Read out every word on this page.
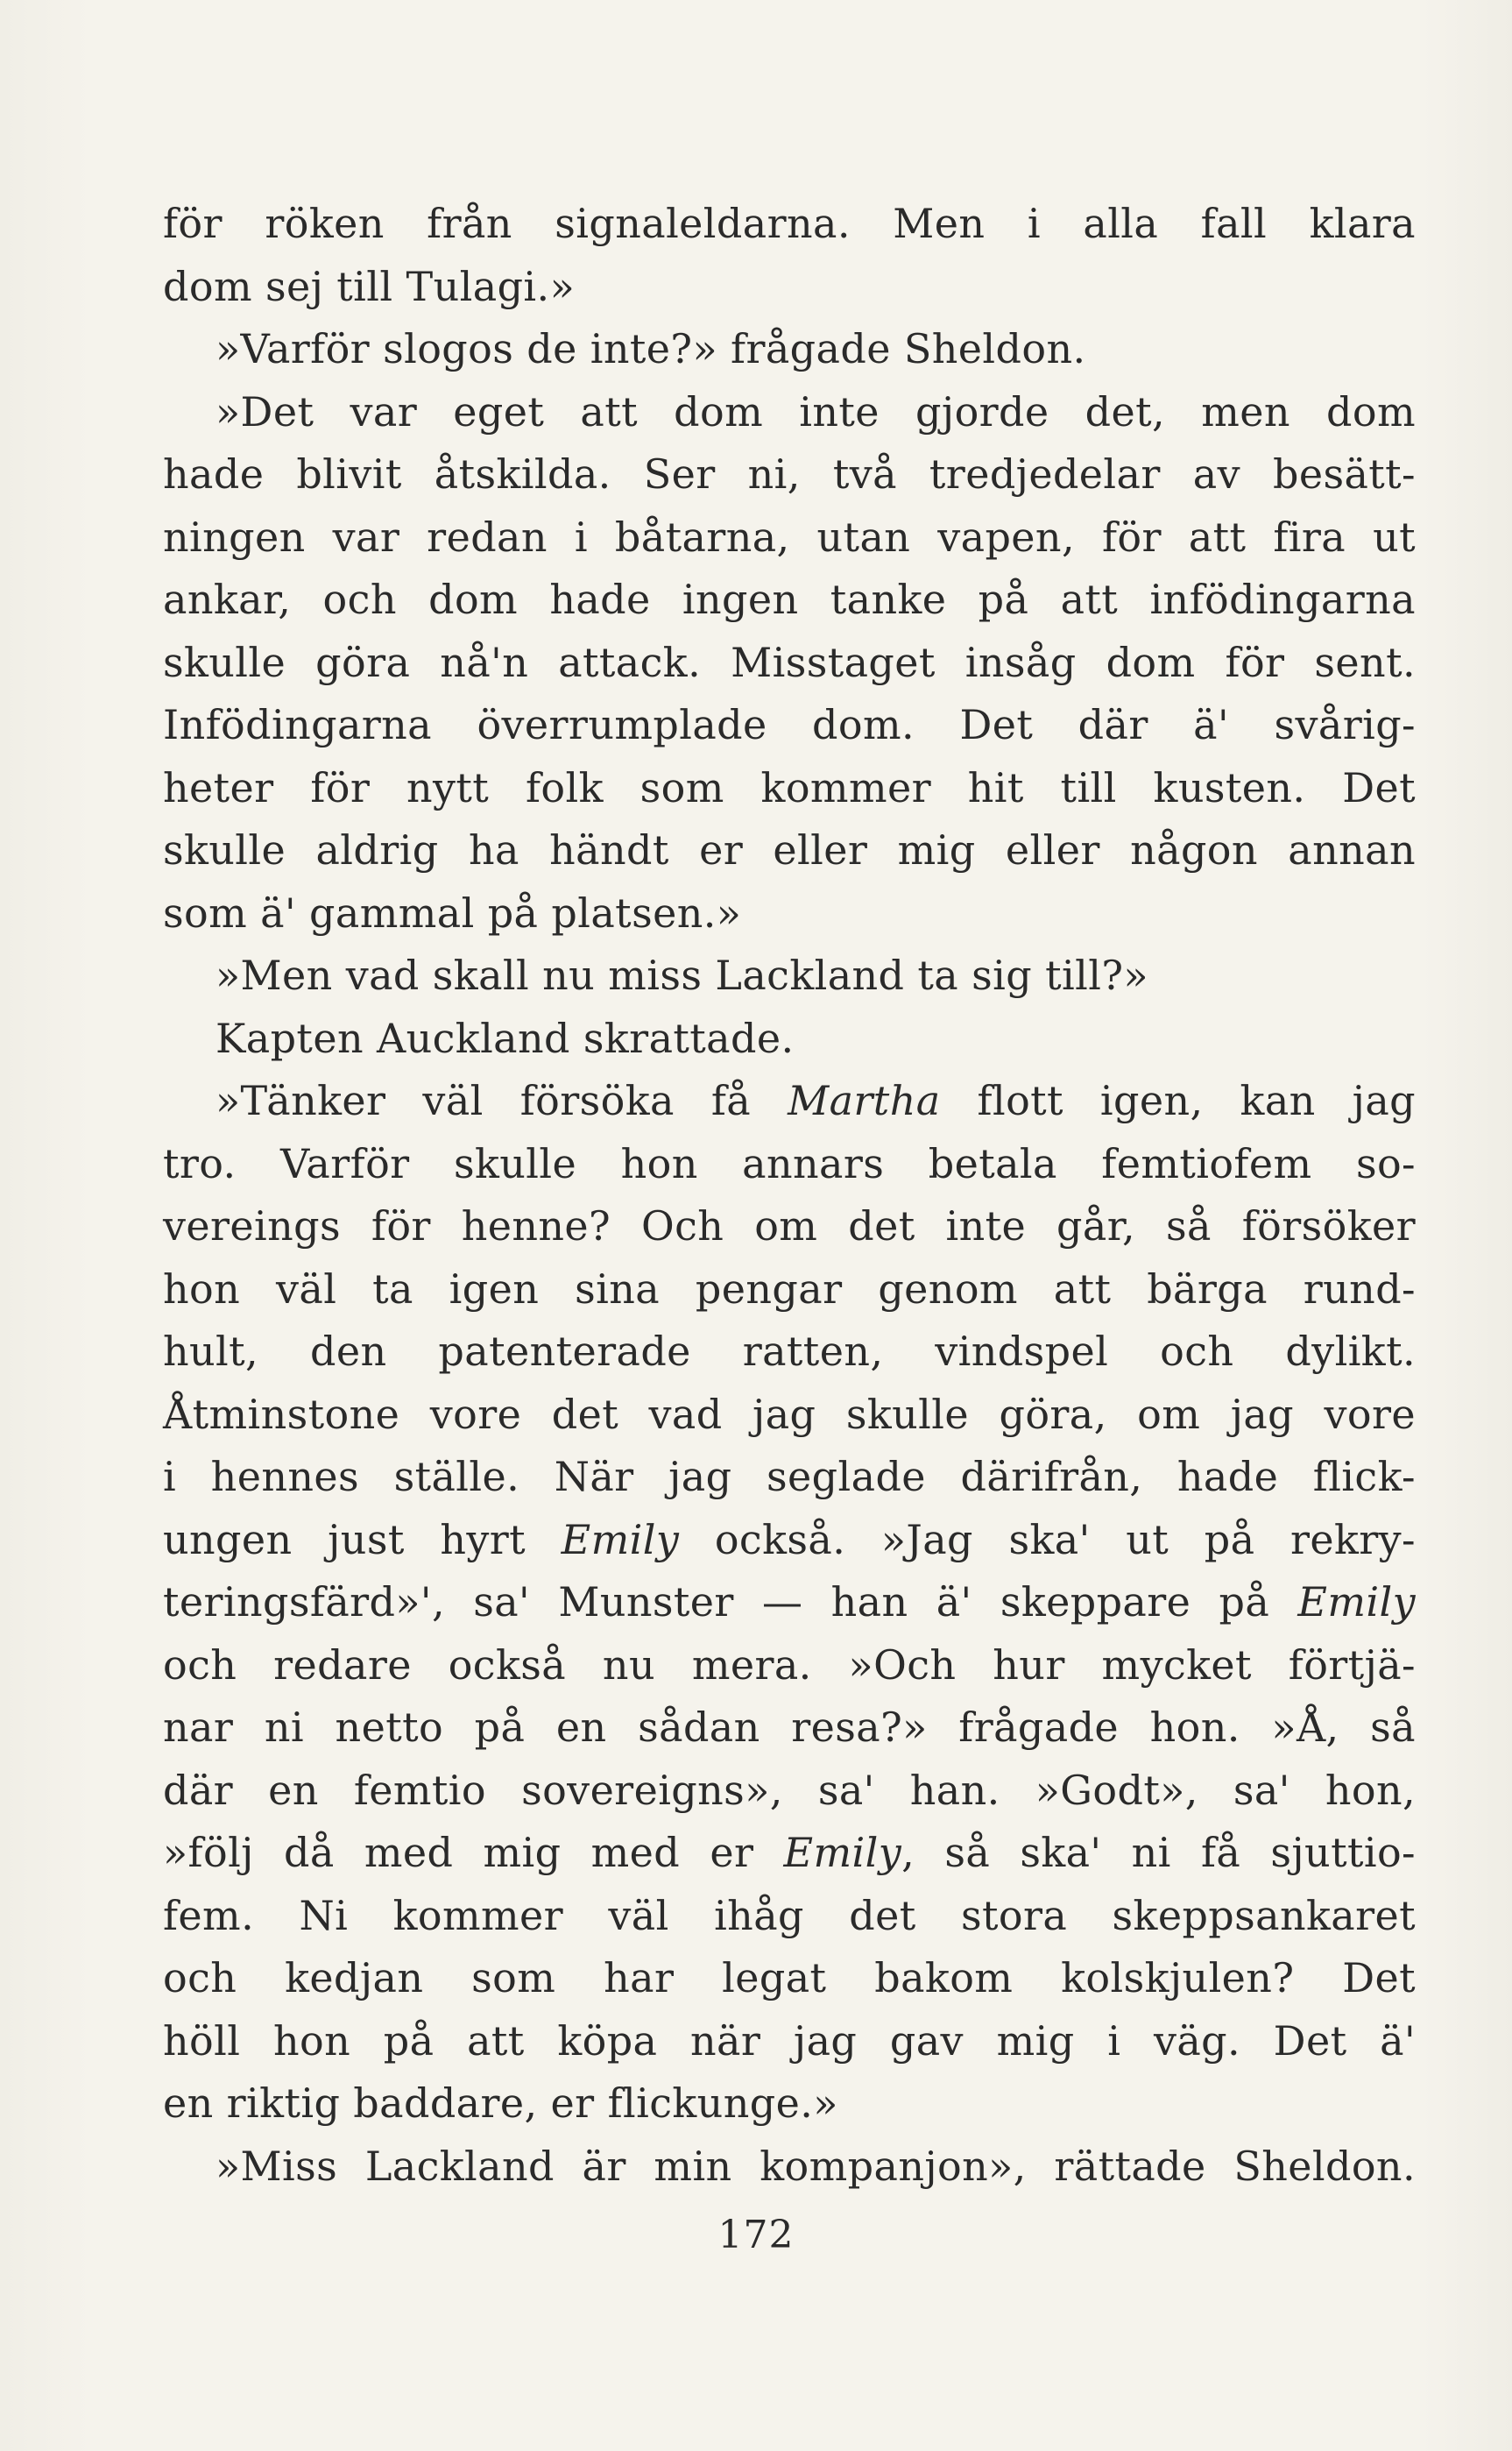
för röken från signaleldarna. Men i alla fall klara
dom sej till Tulagi.»
»Varför slogos de inte?» frågade Sheldon.
»Det var eget att dom inte gjorde det, men dom
hade blivit åtskilda. Ser ni, två tredjedelar av besätt-
ningen var redan i båtarna, utan vapen, för att fira ut
ankar, och dom hade ingen tanke på att infödingarna
skulle göra nå'n attack. Misstaget insåg dom för sent.
Infödingarna överrumplade dom. Det där ä' svårig-
heter för nytt folk som kommer hit till kusten. Det
skulle aldrig ha händt er eller mig eller någon annan
som ä' gammal på platsen.»
»Men vad skall nu miss Lackland ta sig till?»
Kapten Auckland skrattade.
»Tänker väl försöka få Martha flott igen, kan jag
tro. Varför skulle hon annars betala femtiofem so-
vereings för henne? Och om det inte går, så försöker
hon väl ta igen sina pengar genom att bärga rund-
hult, den patenterade ratten, vindspel och dylikt.
Åtminstone vore det vad jag skulle göra, om jag vore
i hennes ställe. När jag seglade därifrån, hade flick-
ungen just hyrt Emily också. »Jag ska' ut på rekry-
teringsfärd»', sa' Munster — han ä' skeppare på Emily
och redare också nu mera. »Och hur mycket förtjä-
nar ni netto på en sådan resa?» frågade hon. »Å, så
där en femtio sovereigns», sa' han. »Godt», sa' hon,
»följ då med mig med er Emily, så ska' ni få sjuttio-
fem. Ni kommer väl ihåg det stora skeppsankaret
och kedjan som har legat bakom kolskjulen? Det
höll hon på att köpa när jag gav mig i väg. Det ä'
en riktig baddare, er flickunge.»
»Miss Lackland är min kompanjon», rättade Sheldon.
172
